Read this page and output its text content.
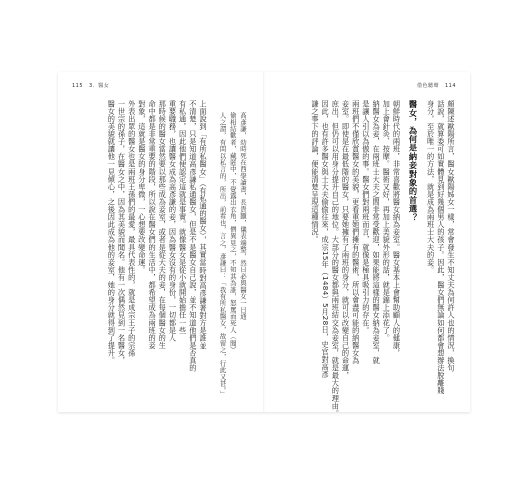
115 3．醫女	借色聽聲 114
頗陳述歐陽所言，醫女歐陽姊女一樣，常會發生不知丈夫為何許人也的情況，換句
話說，就算委可如實體見到好幾個男人的孩子。因此，醫女們無論如何都會想辦法脫離賤
身分，至於唯一的方法，就是成為兩班士大夫的妾。
醫女，為何是納妾對象的首選？
朝鮮時代的兩班，非常喜歡將醫女納為妾室。醫女基本上會幫助顧人的健康，
加上會針灸、按摩。醫術又好，再加上美貌外形的話，就是錦上添花了。
納醫女為妾，在兩班士大夫之間非常受歡迎，如果能將這樣的醫女納為妾室，就
是讓人引以為傲的事。醫女們對兩班而言，就像是極具吸引力的存在。
兩班們不僅欣賞醫女的美貌，更看重她們擁有的醫術，所以會盡可能的納醫女為
妾室。即使是在最低階的醫女，只要她擁有了兩班的身分，就可以改變自己的命運，
庶出，但仍可以用身分提升自己的地位。大部分的醫女都與兩班結交為妾室，就是最大的理由。
因此，也有許多醫女與士大夫偷偷往來，成宗15年（1484）5月28日，史官對高彥
謙之事下的評論，便能清楚呈現這種情況。
高彥謙，幼時死在西學讀書，長貴顯，儀表端整，然日必與醫女一日通
偷相結歡者，藏匿中，不覺露出衣角，僧異見之，不知其為誰，怒罵而死人（聞）
人之謂，有問以私言的，所出，前看也，言之，彥謙曰：「我有所私醫女，故留之，行此又甚。」
上面說到「有所私醫女」（有私通的醫女），其實當時對高彥謙著對方是誰並
不清楚，只是知道高彥謙私通醫女，但是不是醫女自己說，並不知道他們是否真的
有私通，因此他們便認定這就是事實。就像醫女是從小就開始擔任一些
重要職務，也讓醫女成為高彥謙的妾，因為醫女沒有的身份，一切都是人
那時候的醫女當然要以那些成為妾室，或者是從大夫的妾，在每個醫女的生
命中都是非常重要的階段，所以說在醫女們的生活中，都希望成為兩班的妾
對象，這就是醫女的身分卑微，一心想要改變命運。
外表出眾的醫女也是兩班王孫們的最愛，最具代表性的，就是成宗王子的宗孫
一世宗的孫子，在醫女之中，因為其美貌而聞名。他有一次偶然見到一名醫女，
醫女的美貌就讓他一見傾心，之後因此成為他的妾室，她的身分就得到了提升。
